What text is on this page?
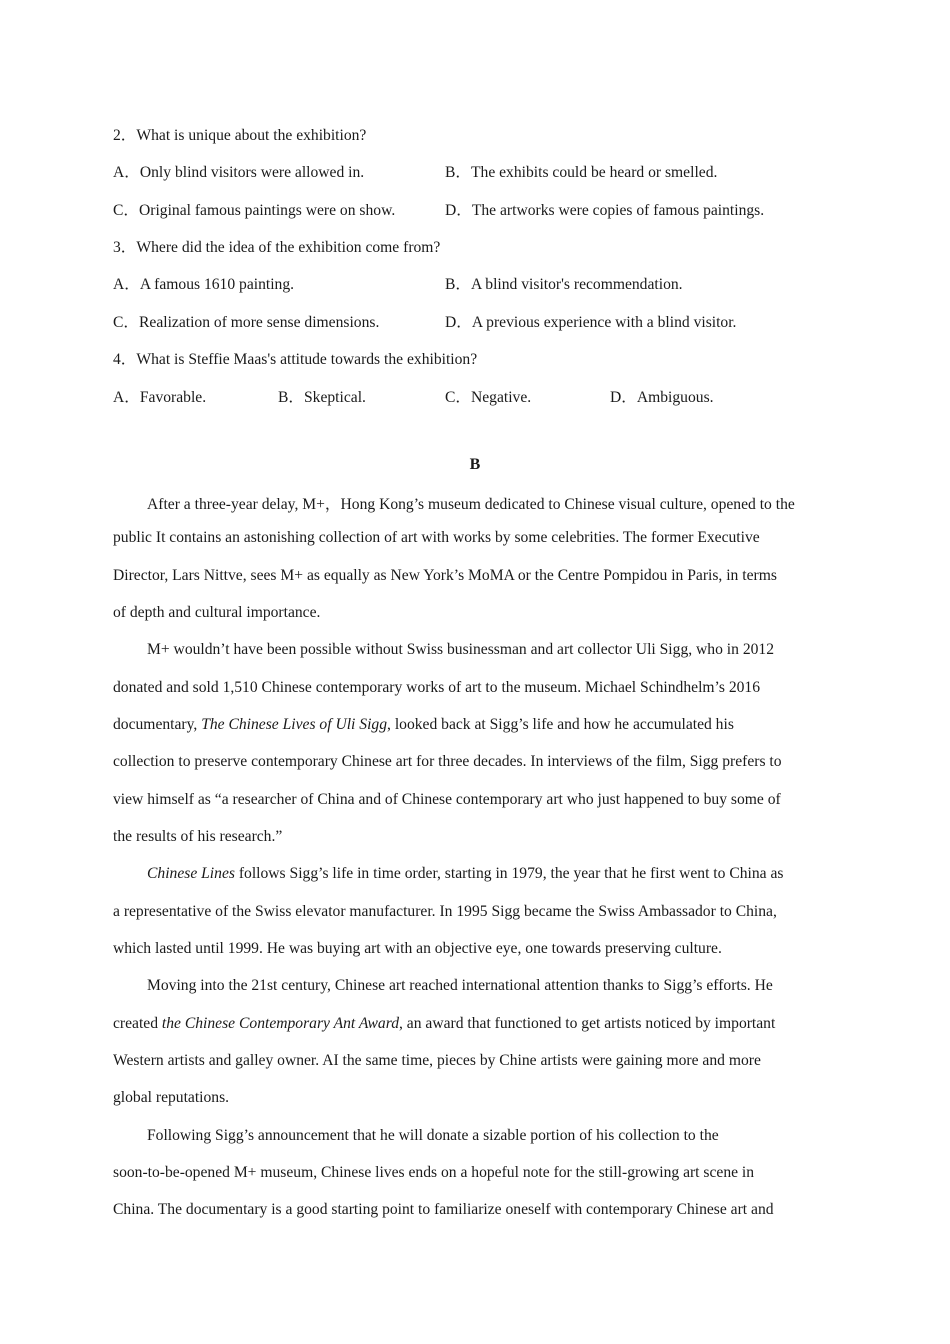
2．What is unique about the exhibition?
A．Only blind visitors were allowed in.	B．The exhibits could be heard or smelled.
C．Original famous paintings were on show.	D．The artworks were copies of famous paintings.
3．Where did the idea of the exhibition come from?
A．A famous 1610 painting.	B．A blind visitor's recommendation.
C．Realization of more sense dimensions.	D．A previous experience with a blind visitor.
4．What is Steffie Maas's attitude towards the exhibition?
A．Favorable.	B．Skeptical.	C．Negative.	D．Ambiguous.
B
After a three-year delay, M+，Hong Kong’s museum dedicated to Chinese visual culture, opened to the
public It contains an astonishing collection of art with works by some celebrities. The former Executive
Director, Lars Nittve, sees M+ as equally as New York’s MoMA or the Centre Pompidou in Paris, in terms
of depth and cultural importance.
M+ wouldn’t have been possible without Swiss businessman and art collector Uli Sigg, who in 2012
donated and sold 1,510 Chinese contemporary works of art to the museum. Michael Schindhelm’s 2016
documentary, The Chinese Lives of Uli Sigg, looked back at Sigg’s life and how he accumulated his
collection to preserve contemporary Chinese art for three decades. In interviews of the film, Sigg prefers to
view himself as “a researcher of China and of Chinese contemporary art who just happened to buy some of
the results of his research.”
Chinese Lines follows Sigg’s life in time order, starting in 1979, the year that he first went to China as
a representative of the Swiss elevator manufacturer. In 1995 Sigg became the Swiss Ambassador to China,
which lasted until 1999. He was buying art with an objective eye, one towards preserving culture.
Moving into the 21st century, Chinese art reached international attention thanks to Sigg’s efforts. He
created the Chinese Contemporary Ant Award, an award that functioned to get artists noticed by important
Western artists and galley owner. AI the same time, pieces by Chine artists were gaining more and more
global reputations.
Following Sigg’s announcement that he will donate a sizable portion of his collection to the
soon-to-be-opened M+ museum, Chinese lives ends on a hopeful note for the still-growing art scene in
China. The documentary is a good starting point to familiarize oneself with contemporary Chinese art and
